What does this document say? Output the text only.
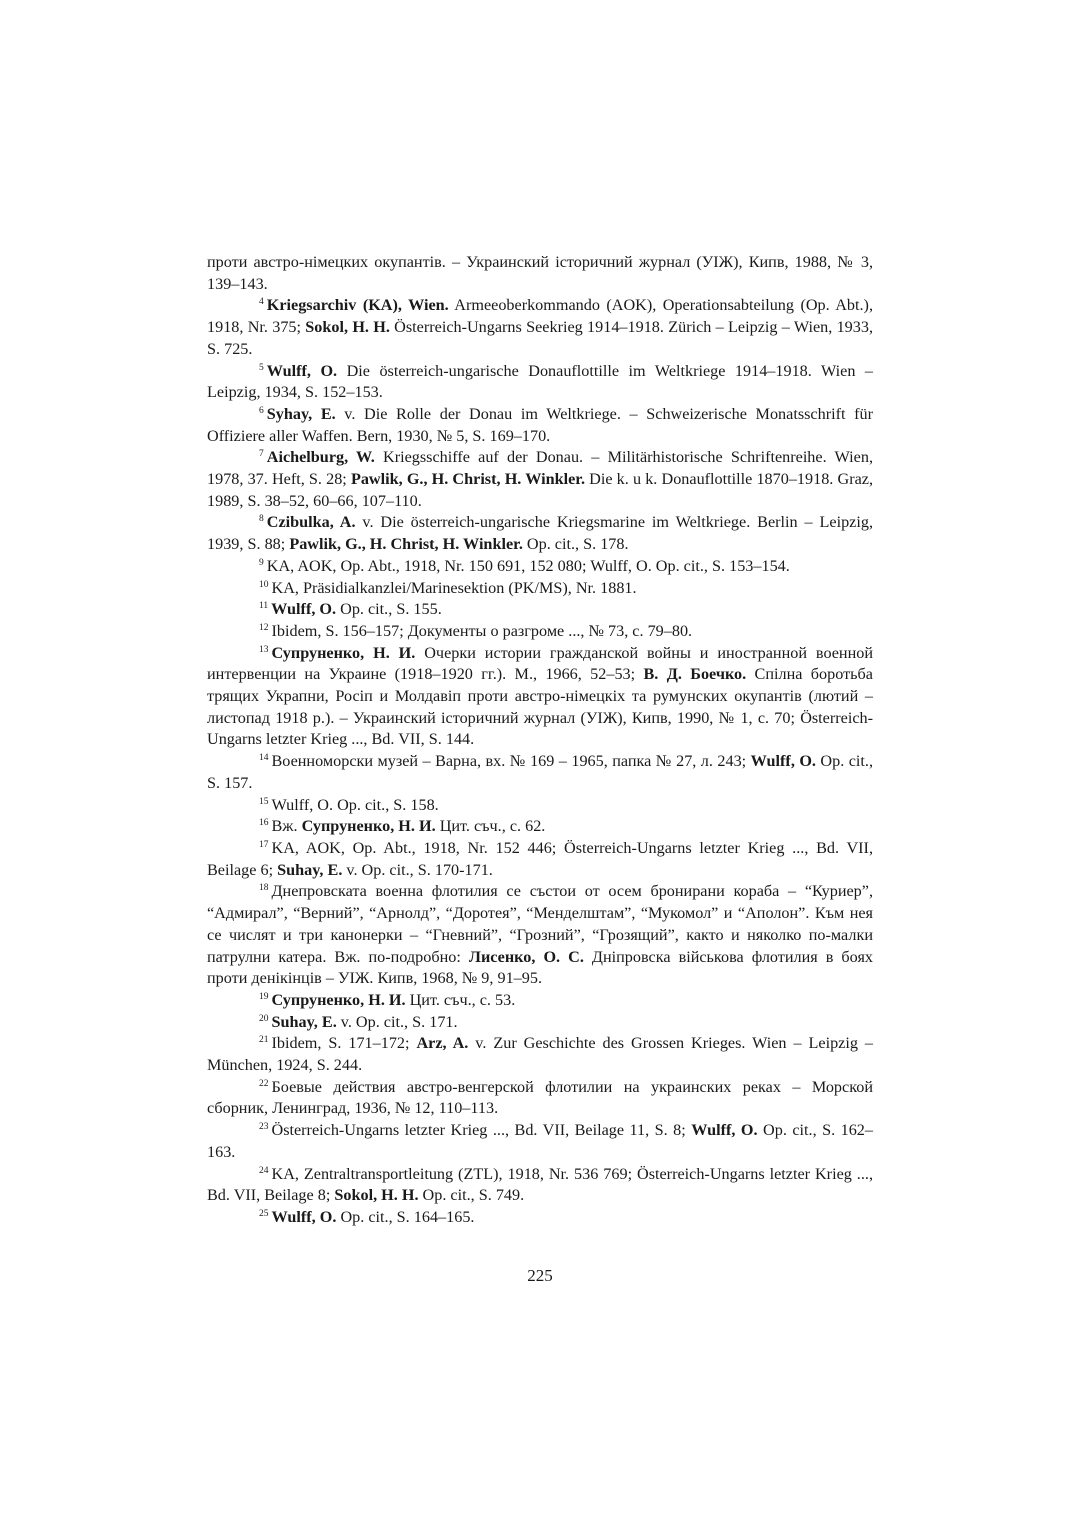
проти австро-німецких окупантів. – Украинский історичний журнал (УІЖ), Кипв, 1988, № 3, 139–143.

$^4$ Kriegsarchiv (KA), Wien. Armeeoberkommando (AOK), Operationsabteilung (Op. Abt.), 1918, Nr. 375; Sokol, H. H. Österreich-Ungarns Seekrieg 1914–1918. Zürich – Leipzig – Wien, 1933, S. 725.

$^5$ Wulff, O. Die österreich-ungarische Donauflottille im Weltkriege 1914–1918. Wien – Leipzig, 1934, S. 152–153.

$^6$ Syhay, E. v. Die Rolle der Donau im Weltkriege. – Schweizerische Monatsschrift für Offiziere aller Waffen. Bern, 1930, № 5, S. 169–170.

$^7$ Aichelburg, W. Kriegsschiffe auf der Donau. – Militärhistorische Schriftenreihe. Wien, 1978, 37. Heft, S. 28; Pawlik, G., H. Christ, H. Winkler. Die k. u k. Donauflottille 1870–1918. Graz, 1989, S. 38–52, 60–66, 107–110.

$^8$ Czibulka, A. v. Die österreich-ungarische Kriegsmarine im Weltkriege. Berlin – Leipzig, 1939, S. 88; Pawlik, G., H. Christ, H. Winkler. Op. cit., S. 178.

$^9$ KA, AOK, Op. Abt., 1918, Nr. 150 691, 152 080; Wulff, O. Op. cit., S. 153–154.

$^{10}$ KA, Präsidialkanzlei/Marinesektion (PK/MS), Nr. 1881.

$^{11}$ Wulff, O. Op. cit., S. 155.

$^{12}$ Ibidem, S. 156–157; Документы о разгроме ..., № 73, с. 79–80.

$^{13}$ Супруненко, Н. И. Очерки истории гражданской войны и иностранной военной интервенции на Украине (1918–1920 гг.). М., 1966, 52–53; В. Д. Боечко. Спілна боротьба трящих Украпни, Росіп и Молдавіп проти австро-німецкіх та румунских окупантів (лютий – листопад 1918 р.). – Украинский історичний журнал (УІЖ), Кипв, 1990, № 1, с. 70; Österreich-Ungarns letzter Krieg ..., Bd. VII, S. 144.

$^{14}$ Военноморски музей – Варна, вх. № 169 – 1965, папка № 27, л. 243; Wulff, O. Op. cit., S. 157.

$^{15}$ Wulff, O. Op. cit., S. 158.

$^{16}$ Вж. Супруненко, Н. И. Цит. съч., с. 62.

$^{17}$ KA, AOK, Op. Abt., 1918, Nr. 152 446; Österreich-Ungarns letzter Krieg ..., Bd. VII, Beilage 6; Suhay, E. v. Op. cit., S. 170-171.

$^{18}$ Днепровската военна флотилия се състои от осем бронирани кораба – “Куриер”, “Адмирал”, “Верний”, “Арнолд”, “Доротея”, “Менделштам”, “Мукомол” и “Аполон”. Към нея се числят и три канонерки – “Гневний”, “Грозний”, “Грозящий”, както и няколко по-малки патрулни катера. Вж. по-подробно: Лисенко, О. С. Дніпровска військова флотилия в боях проти денікінців – УІЖ. Кипв, 1968, № 9, 91–95.

$^{19}$ Супруненко, Н. И. Цит. съч., с. 53.

$^{20}$ Suhay, E. v. Op. cit., S. 171.

$^{21}$ Ibidem, S. 171–172; Arz, A. v. Zur Geschichte des Grossen Krieges. Wien – Leipzig – München, 1924, S. 244.

$^{22}$ Боевые действия австро-венгерской флотилии на украинских реках – Морской сборник, Ленинград, 1936, № 12, 110–113.

$^{23}$ Österreich-Ungarns letzter Krieg ..., Bd. VII, Beilage 11, S. 8; Wulff, O. Op. cit., S. 162–163.

$^{24}$ KA, Zentraltransportleitung (ZTL), 1918, Nr. 536 769; Österreich-Ungarns letzter Krieg ..., Bd. VII, Beilage 8; Sokol, H. H. Op. cit., S. 749.

$^{25}$ Wulff, O. Op. cit., S. 164–165.

225
